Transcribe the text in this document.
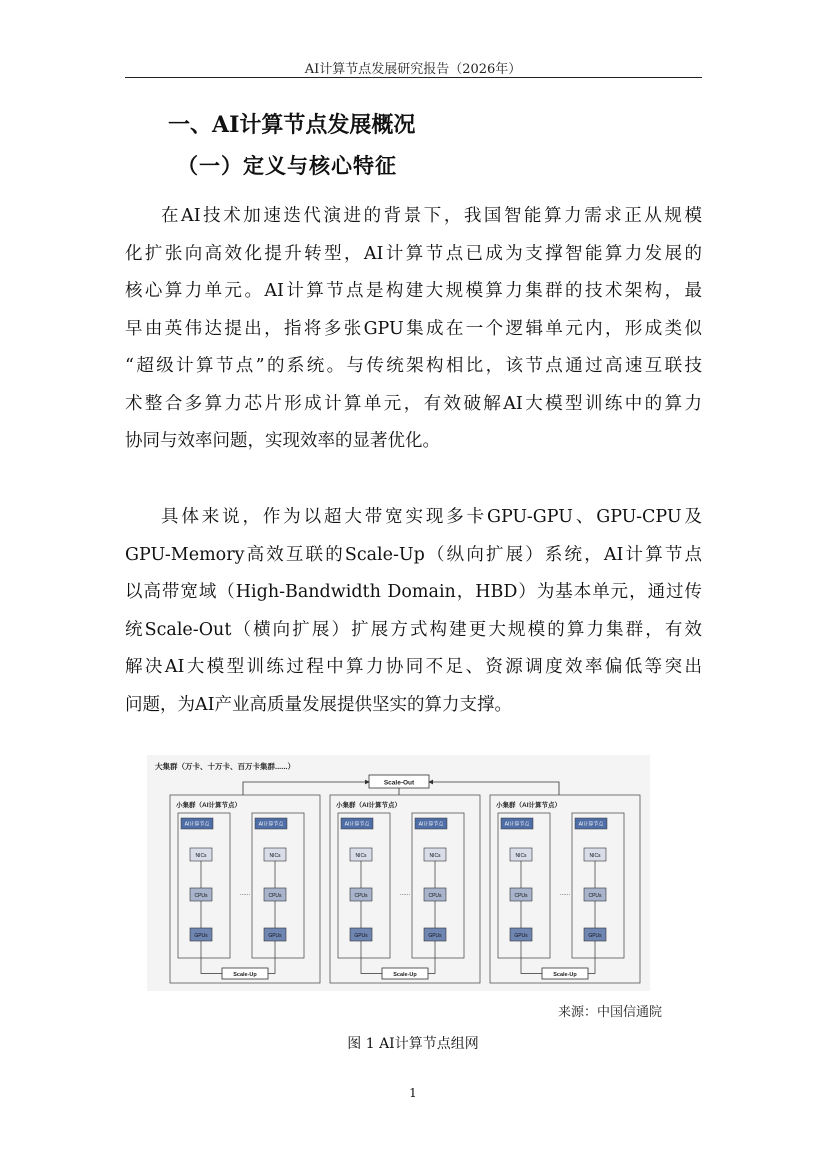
AI计算节点发展研究报告（2026年）
一、AI计算节点发展概况
（一）定义与核心特征
在AI技术加速迭代演进的背景下，我国智能算力需求正从规模
化扩张向高效化提升转型，AI计算节点已成为支撑智能算力发展的
核心算力单元。AI计算节点是构建大规模算力集群的技术架构，最
早由英伟达提出，指将多张GPU集成在一个逻辑单元内，形成类似
“超级计算节点”的系统。与传统架构相比，该节点通过高速互联技
术整合多算力芯片形成计算单元，有效破解AI大模型训练中的算力
协同与效率问题，实现效率的显著优化。
具体来说，作为以超大带宽实现多卡GPU-GPU、GPU-CPU及
GPU-Memory高效互联的Scale-Up（纵向扩展）系统，AI计算节点
以高带宽域（High-Bandwidth Domain，HBD）为基本单元，通过传
统Scale-Out（横向扩展）扩展方式构建更大规模的算力集群，有效
解决AI大模型训练过程中算力协同不足、资源调度效率偏低等突出
问题，为AI产业高质量发展提供坚实的算力支撑。
大集群（万卡、十万卡、百万卡集群......）
Scale-Out
小集群（AI计算节点）
AI计算节点
NICs
CPUs
GPUs
AI计算节点
NICs
CPUs
GPUs
......
Scale-Up
小集群（AI计算节点）
AI计算节点
NICs
CPUs
GPUs
AI计算节点
NICs
CPUs
GPUs
......
Scale-Up
小集群（AI计算节点）
AI计算节点
NICs
CPUs
GPUs
AI计算节点
NICs
CPUs
GPUs
......
Scale-Up
来源：中国信通院
图 1 AI计算节点组网
1
